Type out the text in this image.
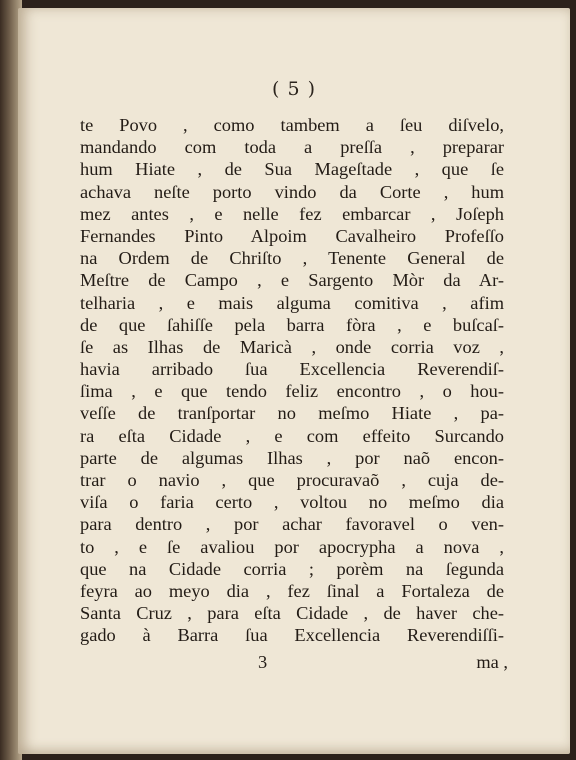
( 5 )
te Povo , como tambem a ſeu diſvelo,
mandando com toda a preſſa , preparar
hum Hiate , de Sua Mageſtade , que ſe
achava neſte porto vindo da Corte , hum
mez antes , e nelle fez embarcar , Joſeph
Fernandes Pinto Alpoim Cavalheiro Profeſſo
na Ordem de Chriſto , Tenente General de
Meſtre de Campo , e Sargento Mòr da Ar-
telharia , e mais alguma comitiva , afim
de que ſahiſſe pela barra fòra , e buſcaſ-
ſe as Ilhas de Maricà , onde corria voz ,
havia arribado ſua Excellencia Reverendiſ-
ſima , e que tendo feliz encontro , o hou-
veſſe de tranſportar no meſmo Hiate , pa-
ra eſta Cidade , e com effeito Surcando
parte de algumas Ilhas , por naõ encon-
trar o navio , que procuravaõ , cuja de-
viſa o faria certo , voltou no meſmo dia
para dentro , por achar favoravel o ven-
to , e ſe avaliou por apocrypha a nova ,
que na Cidade corria ; porèm na ſegunda
feyra ao meyo dia , fez ſinal a Fortaleza de
Santa Cruz , para eſta Cidade , de haver che-
gado à Barra ſua Excellencia Reverendiſſi-
3	ma ,
